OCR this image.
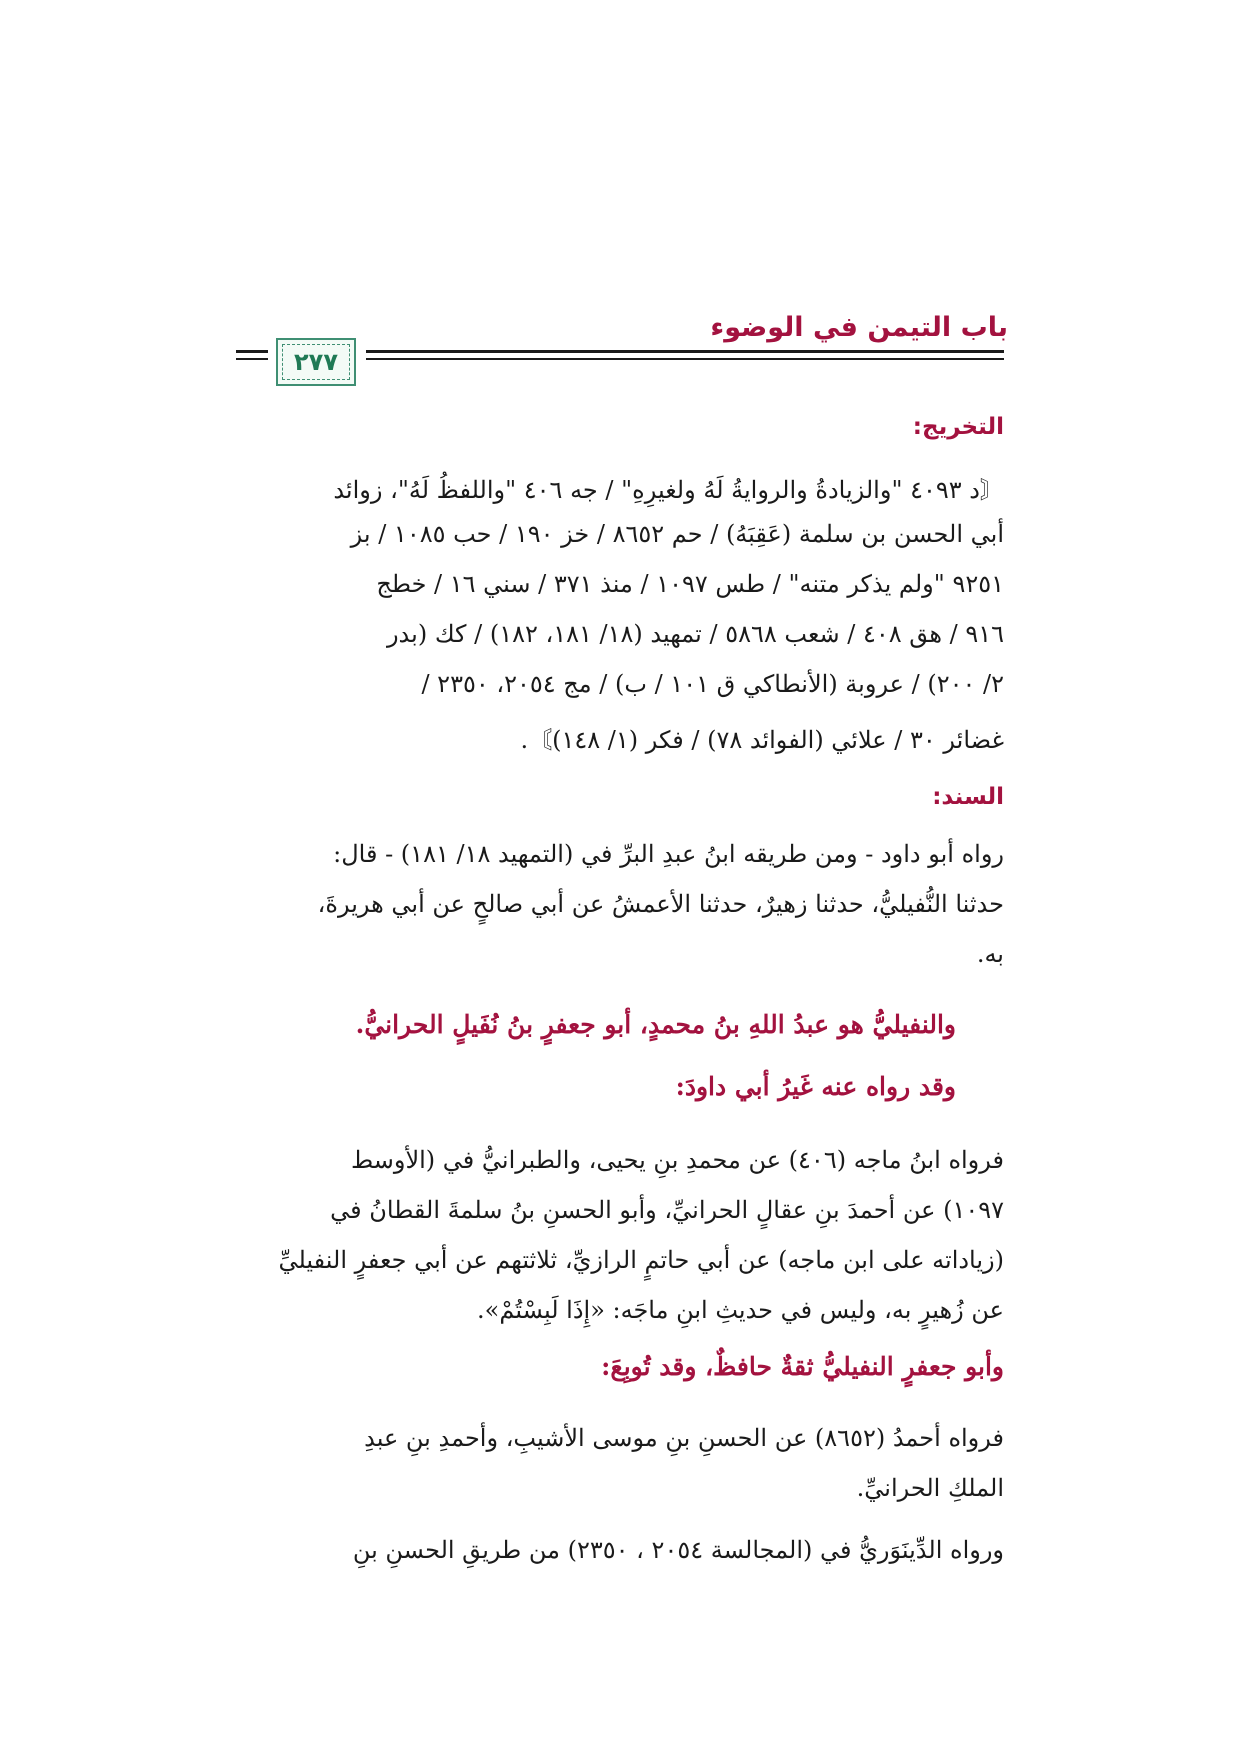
باب التيمن في الوضوء
٢٧٧
التخريج:
〘د ٤٠٩٣ "والزيادةُ والروايةُ لَهُ ولغيرِهِ" / جه ٤٠٦ "واللفظُ لَهُ"، زوائد
أبي الحسن بن سلمة (عَقِبَهُ) / حم ٨٦٥٢ / خز ١٩٠ / حب ١٠٨٥ / بز
٩٢٥١ "ولم يذكر متنه" / طس ١٠٩٧ / منذ ٣٧١ / سني ١٦ / خطج
٩١٦ / هق ٤٠٨ / شعب ٥٨٦٨ / تمهيد (١٨/ ١٨١، ١٨٢) / كك (بدر
٢/ ٢٠٠) / عروبة (الأنطاكي ق ١٠١ / ب) / مج ٢٠٥٤، ٢٣٥٠ /
غضائر ٣٠ / علائي (الفوائد ٧٨) / فكر (١/ ١٤٨)〙.
السند:
رواه أبو داود - ومن طريقه ابنُ عبدِ البرِّ في (التمهيد ١٨/ ١٨١) - قال:
حدثنا النُّفيليُّ، حدثنا زهيرٌ، حدثنا الأعمشُ عن أبي صالحٍ عن أبي هريرةَ،
به.
والنفيليُّ هو عبدُ اللهِ بنُ محمدٍ، أبو جعفرٍ بنُ نُفَيلٍ الحرانيُّ.
وقد رواه عنه غَيرُ أبي داودَ:
فرواه ابنُ ماجه (٤٠٦) عن محمدِ بنِ يحيى، والطبرانيُّ في (الأوسط
١٠٩٧) عن أحمدَ بنِ عقالٍ الحرانيِّ، وأبو الحسنِ بنُ سلمةَ القطانُ في
(زياداته على ابن ماجه) عن أبي حاتمٍ الرازيِّ، ثلاثتهم عن أبي جعفرٍ النفيليِّ
عن زُهيرٍ به، وليس في حديثِ ابنِ ماجَه: «إِذَا لَبِسْتُمْ».
وأبو جعفرٍ النفيليُّ ثقةٌ حافظٌ، وقد تُوبِعَ:
فرواه أحمدُ (٨٦٥٢) عن الحسنِ بنِ موسى الأشيبِ، وأحمدِ بنِ عبدِ
الملكِ الحرانيِّ.
ورواه الدِّينَوَريُّ في (المجالسة ٢٠٥٤ ، ٢٣٥٠) من طريقِ الحسنِ بنِ
